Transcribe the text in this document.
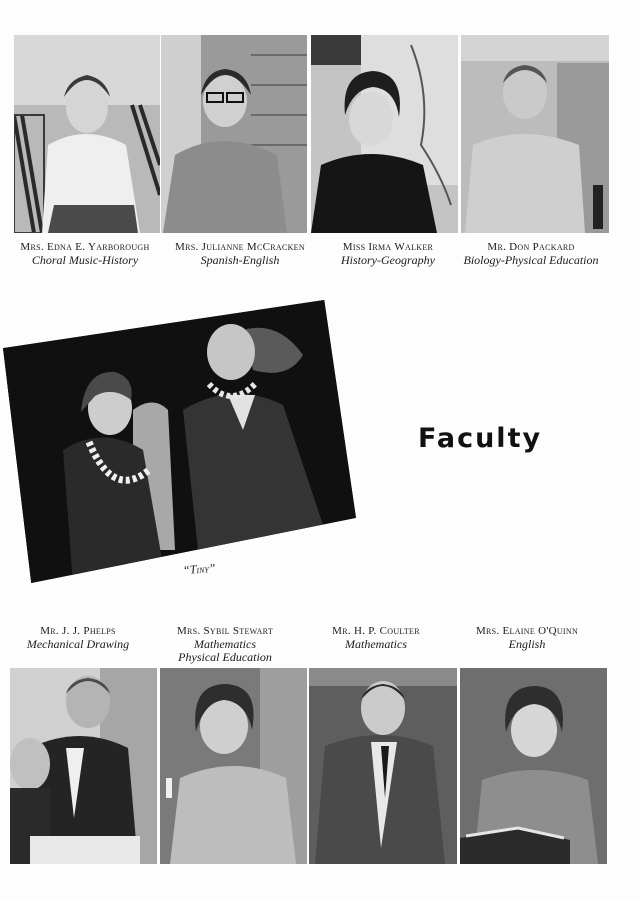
Mrs. Edna E. Yarborough
Choral Music-History
Mrs. Julianne McCracken
Spanish-English
Miss Irma Walker
History-Geography
Mr. Don Packard
Biology-Physical Education
“Tiny”
Faculty
Mr. J. J. Phelps
Mechanical Drawing
Mrs. Sybil Stewart
Mathematics
Physical Education
Mr. H. P. Coulter
Mathematics
Mrs. Elaine O'Quinn
English
